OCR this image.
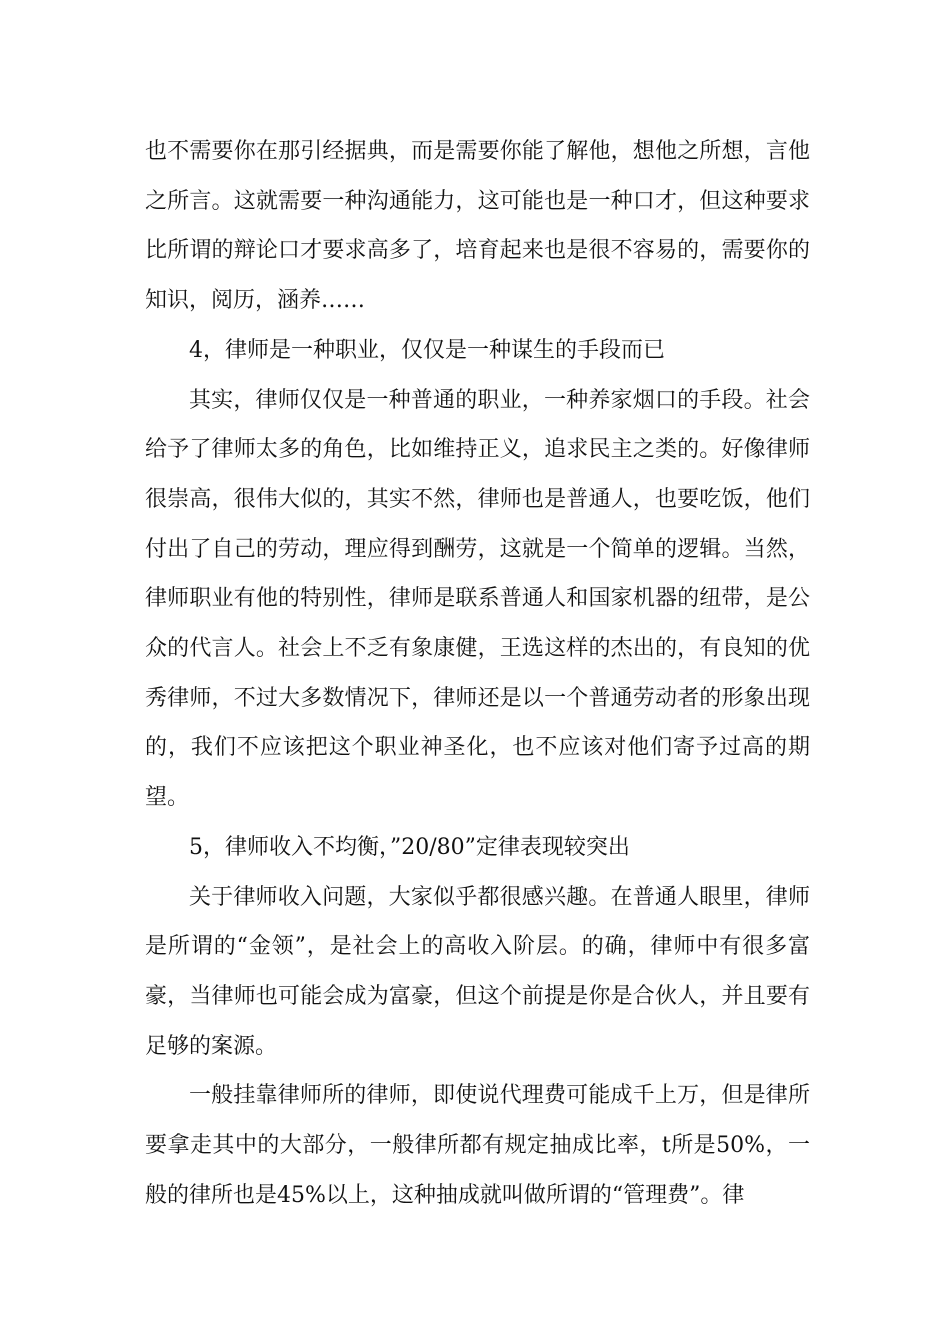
也不需要你在那引经据典，而是需要你能了解他，想他之所想，言他之所言。这就需要一种沟通能力，这可能也是一种口才，但这种要求比所谓的辩论口才要求高多了，培育起来也是很不容易的，需要你的知识，阅历，涵养……

4，律师是一种职业，仅仅是一种谋生的手段而已

其实，律师仅仅是一种普通的职业，一种养家烟口的手段。社会给予了律师太多的角色，比如维持正义，追求民主之类的。好像律师很崇高，很伟大似的，其实不然，律师也是普通人，也要吃饭，他们付出了自己的劳动，理应得到酬劳，这就是一个简单的逻辑。当然，律师职业有他的特别性，律师是联系普通人和国家机器的纽带，是公众的代言人。社会上不乏有象康健，王选这样的杰出的，有良知的优秀律师，不过大多数情况下，律师还是以一个普通劳动者的形象出现的，我们不应该把这个职业神圣化，也不应该对他们寄予过高的期望。

5，律师收入不均衡，”20/80”定律表现较突出

关于律师收入问题，大家似乎都很感兴趣。在普通人眼里，律师是所谓的“金领”，是社会上的高收入阶层。的确，律师中有很多富豪，当律师也可能会成为富豪，但这个前提是你是合伙人，并且要有足够的案源。

一般挂靠律师所的律师，即使说代理费可能成千上万，但是律所要拿走其中的大部分，一般律所都有规定抽成比率，t所是50%，一般的律所也是45%以上，这种抽成就叫做所谓的“管理费”。律
